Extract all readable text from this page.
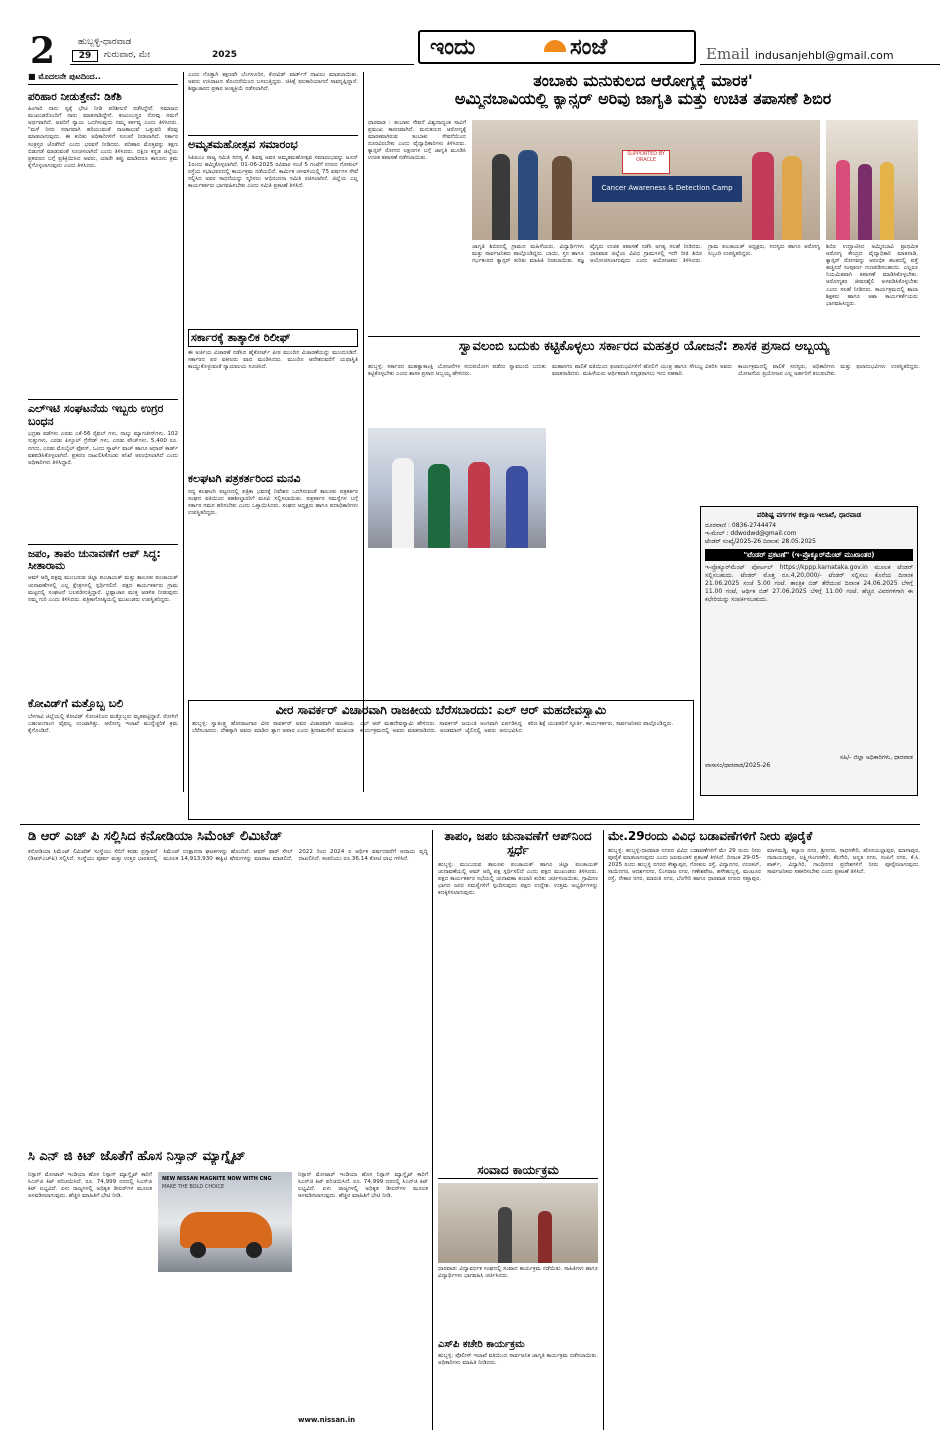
2	ಹುಬ್ಬಳ್ಳಿ-ಧಾರವಾಡ
29	ಗುರುವಾರ, ಮೇ	2025	ಇಂದು	ಸಂಜೆ	Email indusanjehbl@gmail.com
■ ಮೊದಲನೇ ಪುಟದಿಂದ..
ಪರಿಹಾರ ನೀಡುತ್ತೇವೆ: ಡಿಕೆಶಿ
ಹಿಂಗಾರಿ ನಾನು ಸ್ವಕ್ಕೆ ಭೇಟಿ ನೀಡಿ ಪರಿಶೀಲನೆ ನಡೆಸಿದ್ದೇನೆ. ಸಮಾಜದ ಮುಖಂಡರೊಂದಿಗೆ ನಾನು ಮಾತನಾಡಿದ್ದೇನೆ. ಕುಟುಂಬಸ್ಥರ ನೋವು ನಮಗೆ ಅರ್ಥವಾಗಿದೆ. ಅವರಿಗೆ ನ್ಯಾಯ ಒದಗಿಸುವುದು ನಮ್ಮ ಕರ್ತವ್ಯ ಎಂದು ತಿಳಿಸಿದರು. "ಮಳೆ ನೀರು ಸರಾಗವಾಗಿ ಹರಿಯುವಂತೆ ರಾಜಕಾಲುವೆ ಒತ್ತುವರಿ ತೆರವು ಮಾಡಲಾಗುವುದು. ಈ ಕುರಿತು ಅಧಿಕಾರಿಗಳಿಗೆ ಸೂಚನೆ ನೀಡಲಾಗಿದೆ. ಸರ್ಕಾರ ಸಂತ್ರಸ್ತರ ಜೊತೆಗಿದೆ ಎಂದು ಭರವಸೆ ನೀಡಿದರು. ಪರಿಹಾರ ಮೊತ್ತವನ್ನು ತಕ್ಷಣ ಬಿಡುಗಡೆ ಮಾಡುವಂತೆ ಸೂಚಿಸಲಾಗಿದೆ ಎಂದು ತಿಳಿಸಿದರು. ದಕ್ಷಿಣ ಕನ್ನಡ ಜಿಲ್ಲೆಯ ಪ್ರಕರಣದ ಬಗ್ಗೆ ಪ್ರತಿಕ್ರಿಯಿಸಿದ ಅವರು, ಯಾರೇ ತಪ್ಪು ಮಾಡಿದರೂ ಕಾನೂನು ಕ್ರಮ ಕೈಗೊಳ್ಳಲಾಗುವುದು ಎಂದು ತಿಳಿಸಿದರು.
ಎಲ್‌ಇಟಿ ಸಂಘಟನೆಯ ಇಬ್ಬರು ಉಗ್ರರ ಬಂಧನ
ಭದ್ರತಾ ಪಡೆಗಳು ಎರಡು ಎಕೆ-56 ರೈಫಲ್ ಗಳು, ನಾಲ್ಕು ಮ್ಯಾಗಜೀನ್‌ಗಳು, 102 ಸುತ್ತುಗಳು, ಎರಡು ಪಿಸ್ತೂಲ್ ಗ್ರೆನೇಡ್ ಗಳು, ಎರಡು ಪೌಚ್‌ಗಳು, 5,400 ರೂ. ನಗದು, ಎರಡು ಮೊಬೈಲ್ ಫೋನ್, ಒಂದು ಸ್ಮಾರ್ಟ್ ವಾಚ್ ಹಾಗೂ ಆಧಾರ್ ಕಾರ್ಡ್ ವಶಪಡಿಸಿಕೊಳ್ಳಲಾಗಿದೆ. ಪ್ರಕರಣ ದಾಖಲಿಸಿಕೊಂಡು ತನಿಖೆ ಆರಂಭಿಸಲಾಗಿದೆ ಎಂದು ಅಧಿಕಾರಿಗಳು ತಿಳಿಸಿದ್ದಾರೆ.
ಜಪಂ, ತಾಪಂ ಚುನಾವಣೆಗೆ ಆಪ್ ಸಿದ್ಧ: ಸೀತಾರಾಮ
ಆಮ್ ಆದ್ಮಿ ಪಕ್ಷವು ಮುಂಬರುವ ಜಿಲ್ಲಾ ಪಂಚಾಯತ್ ಮತ್ತು ತಾಲೂಕು ಪಂಚಾಯತ್ ಚುನಾವಣೆಗಳಲ್ಲಿ ಎಲ್ಲ ಕ್ಷೇತ್ರಗಳಲ್ಲಿ ಸ್ಪರ್ಧಿಸಲಿದೆ. ಪಕ್ಷದ ಕಾರ್ಯಕರ್ತರು ಗ್ರಾಮ ಮಟ್ಟದಲ್ಲಿ ಸಂಘಟನೆ ಬಲಪಡಿಸುತ್ತಿದ್ದಾರೆ. ಭ್ರಷ್ಟಾಚಾರ ಮುಕ್ತ ಆಡಳಿತ ನೀಡುವುದು ನಮ್ಮ ಗುರಿ ಎಂದು ತಿಳಿಸಿದರು. ಪತ್ರಿಕಾಗೋಷ್ಠಿಯಲ್ಲಿ ಮುಖಂಡರು ಉಪಸ್ಥಿತರಿದ್ದರು.
ಕೋವಿಡ್‌ಗೆ ಮತ್ತೊಬ್ಬ ಬಲಿ
ಬೆಳಗಾವಿ ಜಿಲ್ಲೆಯಲ್ಲಿ ಕೋವಿಡ್ ಸೋಂಕಿನಿಂದ ಮತ್ತೊಬ್ಬರು ಮೃತಪಟ್ಟಿದ್ದಾರೆ. ರೋಗಿಗೆ ಬಹುಅಂಗಾಂಗ ವೈಫಲ್ಯ ಉಂಟಾಗಿತ್ತು. ಆರೋಗ್ಯ ಇಲಾಖೆ ಮುನ್ನೆಚ್ಚರಿಕೆ ಕ್ರಮ ಕೈಗೊಂಡಿದೆ.
ಎಂದು ಗೊತ್ತಾಗಿ ತಕ್ಷಣವೇ ಬೆಂಗಳೂರಿನ, ಕೋವಿಡ್ ವಾರ್ಡ್‌ಗೆ ದಾಖಲು ಮಾಡಲಾಯಿತು. ಅವರು ಉಸಿರಾಟದ ತೊಂದರೆಯಿಂದ ಬಳಲುತ್ತಿದ್ದರು. ಚಿಕಿತ್ಸೆ ಫಲಕಾರಿಯಾಗದೆ ಸಾವನ್ನಪ್ಪಿದ್ದಾರೆ. ಶಿಷ್ಟಾಚಾರದ ಪ್ರಕಾರ ಅಂತ್ಯಕ್ರಿಯೆ ನಡೆಸಲಾಗಿದೆ.
ಅಮೃತಮಹೋತ್ಸವ ಸಮಾರಂಭ
ಸಿಪಿಐಎಂ ರಾಜ್ಯ ಸಮಿತಿ ಸದಸ್ಯ ಕೆ. ಶಿವಪ್ಪ ಅವರ ಅಮೃತಮಹೋತ್ಸವ ಸಮಾರಂಭವನ್ನು ಜೂನ್ 1ರಂದು ಹಮ್ಮಿಕೊಳ್ಳಲಾಗಿದೆ. 01-06-2025 ರವಿವಾರ ಸಂಜೆ 5 ಗಂಟೆಗೆ ನಗರದ ಗೋಕುಲ್ ರಸ್ತೆಯ ಸಭಾಭವನದಲ್ಲಿ ಕಾರ್ಯಕ್ರಮ ನಡೆಯಲಿದೆ. ಕಾರ್ಮಿಕ ಚಳವಳಿಯಲ್ಲಿ 75 ವರ್ಷಗಳ ಸೇವೆ ಸಲ್ಲಿಸಿದ ಅವರ ಸಾಧನೆಯನ್ನು ಸ್ಮರಿಸಲು ಅಭಿನಂದನಾ ಸಮಿತಿ ರಚಿಸಲಾಗಿದೆ. ಜಿಲ್ಲೆಯ ಎಲ್ಲ ಕಾರ್ಯಕರ್ತರು ಭಾಗವಹಿಸಬೇಕು ಎಂದು ಸಮಿತಿ ಪ್ರಕಟಣೆ ತಿಳಿಸಿದೆ.
ಸರ್ಕಾರಕ್ಕೆ ತಾತ್ಕಾಲಿಕ ರಿಲೀಫ್
ಈ ಅರ್ಜಿಯ ವಿಚಾರಣೆ ನಡೆಸಿದ ಹೈಕೋರ್ಟ್ ಪೀಠ ಮುಂದಿನ ವಿಚಾರಣೆಯನ್ನು ಮುಂದೂಡಿದೆ. ಸರ್ಕಾರದ ಪರ ವಕೀಲರು ವಾದ ಮಂಡಿಸಿದರು. ಮುಂದಿನ ಆದೇಶದವರೆಗೆ ಯಥಾಸ್ಥಿತಿ ಕಾಯ್ದುಕೊಳ್ಳುವಂತೆ ನ್ಯಾಯಾಲಯ ಸೂಚಿಸಿದೆ.
ಕಲಘಟಗಿ ಪತ್ರಕರ್ತರಿಂದ ಮನವಿ
ಸದ್ಯ ಕಲಘಟಗಿ ಪಟ್ಟಣದಲ್ಲಿ ಪತ್ರಿಕಾ ಭವನಕ್ಕೆ ನಿವೇಶನ ಒದಗಿಸುವಂತೆ ತಾಲೂಕು ಪತ್ರಕರ್ತರ ಸಂಘದ ವತಿಯಿಂದ ತಹಶೀಲ್ದಾರರಿಗೆ ಮನವಿ ಸಲ್ಲಿಸಲಾಯಿತು. ಪತ್ರಕರ್ತರ ಸಮಸ್ಯೆಗಳ ಬಗ್ಗೆ ಸರ್ಕಾರ ಗಮನ ಹರಿಸಬೇಕು ಎಂದು ಒತ್ತಾಯಿಸಿದರು. ಸಂಘದ ಅಧ್ಯಕ್ಷರು ಹಾಗೂ ಪದಾಧಿಕಾರಿಗಳು ಉಪಸ್ಥಿತರಿದ್ದರು.
ತಂಬಾಕು ಮನುಕುಲದ ಆರೋಗ್ಯಕ್ಕೆ ಮಾರಕ'
ಅಮ್ಮಿನಬಾವಿಯಲ್ಲಿ ಕ್ಯಾನ್ಸರ್ ಅರಿವು ಜಾಗೃತಿ ಮತ್ತು ಉಚಿತ ತಪಾಸಣೆ ಶಿಬಿರ
ಧಾರವಾಡ : ತಂಬಾಕು ಸೇವನೆ ವಿಶ್ವದಾದ್ಯಂತ ಸಾವಿಗೆ ಪ್ರಮುಖ ಕಾರಣವಾಗಿದೆ. ಮನುಕುಲದ ಆರೋಗ್ಯಕ್ಕೆ ಮಾರಕವಾಗಿರುವ ತಂಬಾಕು ಸೇವನೆಯಿಂದ ದೂರವಿರಬೇಕು ಎಂದು ವೈದ್ಯಾಧಿಕಾರಿಗಳು ತಿಳಿಸಿದರು. ಕ್ಯಾನ್ಸರ್ ರೋಗದ ಲಕ್ಷಣಗಳ ಬಗ್ಗೆ ಜಾಗೃತಿ ಮೂಡಿಸಿ ಉಚಿತ ತಪಾಸಣೆ ನಡೆಸಲಾಯಿತು.
SUPPORTED BY ORACLE
Cancer Awareness & Detection Camp
ಜಾಗೃತಿ ಶಿಬಿರದಲ್ಲಿ ಗ್ರಾಮದ ಮಹಿಳೆಯರು, ವಿದ್ಯಾರ್ಥಿಗಳು ಮತ್ತು ಸಾರ್ವಜನಿಕರು ಪಾಲ್ಗೊಂಡಿದ್ದರು. ಬಾಯಿ, ಸ್ತನ ಹಾಗೂ ಗರ್ಭಕಂಠದ ಕ್ಯಾನ್ಸರ್ ಕುರಿತು ಮಾಹಿತಿ ನೀಡಲಾಯಿತು. ತಜ್ಞ ವೈದ್ಯರು ಉಚಿತ ತಪಾಸಣೆ ನಡೆಸಿ ಅಗತ್ಯ ಸಲಹೆ ನೀಡಿದರು. ಧಾರವಾಡ ಜಿಲ್ಲೆಯ ವಿವಿಧ ಗ್ರಾಮಗಳಲ್ಲಿ ಇದೇ ರೀತಿ ಶಿಬಿರ ಆಯೋಜಿಸಲಾಗುವುದು ಎಂದು ಆಯೋಜಕರು ತಿಳಿಸಿದರು. ಗ್ರಾಮ ಪಂಚಾಯತ್ ಅಧ್ಯಕ್ಷರು, ಸದಸ್ಯರು ಹಾಗೂ ಆರೋಗ್ಯ ಸಿಬ್ಬಂದಿ ಉಪಸ್ಥಿತರಿದ್ದರು.
ಶಿಬಿರ ಉದ್ಘಾಟಿಸಿದ ಅಮ್ಮಿನಬಾವಿ ಪ್ರಾಥಮಿಕ ಆರೋಗ್ಯ ಕೇಂದ್ರದ ವೈದ್ಯಾಧಿಕಾರಿ ಮಾತನಾಡಿ, ಕ್ಯಾನ್ಸರ್ ರೋಗವನ್ನು ಆರಂಭಿಕ ಹಂತದಲ್ಲಿ ಪತ್ತೆ ಹಚ್ಚಿದರೆ ಸಂಪೂರ್ಣ ಗುಣಪಡಿಸಬಹುದು. ಎಲ್ಲರೂ ನಿಯಮಿತವಾಗಿ ತಪಾಸಣೆ ಮಾಡಿಸಿಕೊಳ್ಳಬೇಕು. ಆರೋಗ್ಯಕರ ಜೀವನಶೈಲಿ ಅಳವಡಿಸಿಕೊಳ್ಳಬೇಕು ಎಂದು ಸಲಹೆ ನೀಡಿದರು. ಕಾರ್ಯಕ್ರಮದಲ್ಲಿ ಶಾಲಾ ಶಿಕ್ಷಕರು ಹಾಗೂ ಆಶಾ ಕಾರ್ಯಕರ್ತೆಯರು ಭಾಗವಹಿಸಿದ್ದರು.
ಸ್ವಾವಲಂಬಿ ಬದುಕು ಕಟ್ಟಿಕೊಳ್ಳಲು ಸರ್ಕಾರದ ಮಹತ್ತರ ಯೋಜನೆ: ಶಾಸಕ ಪ್ರಸಾದ ಅಬ್ಬಯ್ಯ
ಹುಬ್ಬಳ್ಳಿ: ಸರ್ಕಾರದ ಮಹತ್ವಾಕಾಂಕ್ಷಿ ಯೋಜನೆಗಳ ಸದುಪಯೋಗ ಪಡೆದು ಸ್ವಾವಲಂಬಿ ಬದುಕು ಕಟ್ಟಿಕೊಳ್ಳಬೇಕು ಎಂದು ಶಾಸಕ ಪ್ರಸಾದ ಅಬ್ಬಯ್ಯ ಹೇಳಿದರು.
ಮಹಾನಗರ ಪಾಲಿಕೆ ವತಿಯಿಂದ ಫಲಾನುಭವಿಗಳಿಗೆ ಹೊಲಿಗೆ ಯಂತ್ರ ಹಾಗೂ ಸೌಲಭ್ಯ ವಿತರಿಸಿ ಅವರು ಮಾತನಾಡಿದರು. ಮಹಿಳೆಯರು ಆರ್ಥಿಕವಾಗಿ ಸದೃಢರಾಗಲು ಇದು ಸಹಕಾರಿ.
ಕಾರ್ಯಕ್ರಮದಲ್ಲಿ ಪಾಲಿಕೆ ಸದಸ್ಯರು, ಅಧಿಕಾರಿಗಳು ಮತ್ತು ಫಲಾನುಭವಿಗಳು ಉಪಸ್ಥಿತರಿದ್ದರು. ಯೋಜನೆಯ ಪ್ರಯೋಜನ ಎಲ್ಲ ಅರ್ಹರಿಗೆ ತಲುಪಬೇಕು.
ಪರಿಶಿಷ್ಟ ವರ್ಗಗಳ ಕಲ್ಯಾಣ ಇಲಾಖೆ, ಧಾರವಾಡ
ದೂರವಾಣಿ : 0836-2744474
ಇ-ಮೇಲ್ : ddwodwd@gmail.com
ಟೆಂಡರ್ ಸಂಖ್ಯೆ/2025-26 ದಿನಾಂಕ: 28.05.2025
"ಟೆಂಡರ್ ಪ್ರಕಟಣೆ" (ಇ-ಪ್ರೊಕ್ಯೂರ್‌ಮೆಂಟ್ ಮುಖಾಂತರ)
ಇ-ಪ್ರೊಕ್ಯೂರ್‌ಮೆಂಟ್ ಪೋರ್ಟಲ್ https://kppp.karnataka.gov.in ಮೂಲಕ ಟೆಂಡರ್ ಸಲ್ಲಿಸಬಹುದು. ಟೆಂಡರ್ ಮೊತ್ತ ರೂ.4,20,000/- ಟೆಂಡರ್ ಸಲ್ಲಿಸಲು ಕೊನೆಯ ದಿನಾಂಕ 21.06.2025 ಸಂಜೆ 5.00 ಗಂಟೆ. ತಾಂತ್ರಿಕ ಬಿಡ್ ತೆರೆಯುವ ದಿನಾಂಕ 24.06.2025 ಬೆಳಿಗ್ಗೆ 11.00 ಗಂಟೆ, ಆರ್ಥಿಕ ಬಿಡ್ 27.06.2025 ಬೆಳಿಗ್ಗೆ 11.00 ಗಂಟೆ. ಹೆಚ್ಚಿನ ವಿವರಗಳಿಗಾಗಿ ಈ ಕಛೇರಿಯನ್ನು ಸಂಪರ್ಕಿಸಬಹುದು.
ಸಹಿ/- ಜಿಲ್ಲಾ ಅಧಿಕಾರಿಗಳು, ಧಾರವಾಡ
ವಾಸಾಸಂ/ಧಾರವಾಡ/2025-26
ವೀರ ಸಾವರ್ಕರ್ ವಿಚಾರವಾಗಿ ರಾಜಕೀಯ ಬೆರೆಸಬಾರದು: ಎಲ್ ಆರ್ ಮಹದೇವಸ್ವಾಮಿ
ಹುಬ್ಬಳ್ಳಿ: ಸ್ವಾತಂತ್ರ್ಯ ಹೋರಾಟಗಾರ ವೀರ ಸಾವರ್ಕರ್ ಅವರ ವಿಚಾರವಾಗಿ ರಾಜಕೀಯ ಬೆರೆಸಬಾರದು. ದೇಶಕ್ಕಾಗಿ ಅವರು ಮಾಡಿದ ತ್ಯಾಗ ಅಪಾರ ಎಂದು ಶ್ರೀರಾಮಸೇನೆ ಮುಖಂಡ ಎಲ್ ಆರ್ ಮಹದೇವಸ್ವಾಮಿ ಹೇಳಿದರು. ಸಾವರ್ಕರ್ ಜಯಂತಿ ಅಂಗವಾಗಿ ಏರ್ಪಡಿಸಿದ್ದ ಕಾರ್ಯಕ್ರಮದಲ್ಲಿ ಅವರು ಮಾತನಾಡಿದರು. ಅಂಡಮಾನ್ ಜೈಲಿನಲ್ಲಿ ಅವರು ಅನುಭವಿಸಿದ ಕಠಿಣ ಶಿಕ್ಷೆ ಯುವಕರಿಗೆ ಸ್ಫೂರ್ತಿ. ಕಾರ್ಯಕರ್ತರು, ಸಾರ್ವಜನಿಕರು ಪಾಲ್ಗೊಂಡಿದ್ದರು.
ಡಿ ಆರ್ ಎಚ್ ಪಿ ಸಲ್ಲಿಸಿದ ಕನೋಡಿಯಾ ಸಿಮೆಂಟ್ ಲಿಮಿಟೆಡ್
ಕನೋಡಿಯಾ ಸಿಮೆಂಟ್ ಲಿಮಿಟೆಡ್ ಸಂಸ್ಥೆಯು ಸೆಬಿಗೆ ಕರಡು ಪ್ರಸ್ತಾವನೆ (ಡಿಆರ್‌ಎಚ್‌ಪಿ) ಸಲ್ಲಿಸಿದೆ. ಸಂಸ್ಥೆಯು ಪೂರ್ವ ಮತ್ತು ಉತ್ತರ ಭಾರತದಲ್ಲಿ ಸಿಮೆಂಟ್ ಉತ್ಪಾದನಾ ಘಟಕಗಳನ್ನು ಹೊಂದಿದೆ. ಆಫರ್ ಫಾರ್ ಸೇಲ್ ಮೂಲಕ 14,913,930 ಈಕ್ವಿಟಿ ಷೇರುಗಳನ್ನು ಮಾರಾಟ ಮಾಡಲಿದೆ. 2022 ರಿಂದ 2024 ರ ಆರ್ಥಿಕ ವರ್ಷದವರೆಗೆ ಆದಾಯ ವೃದ್ಧಿ ದಾಖಲಿಸಿದೆ. ಕಂಪನಿಯು ರೂ.36.14 ಕೋಟಿ ಲಾಭ ಗಳಿಸಿದೆ.
ಸಿ ಎನ್ ಜಿ ಕಿಟ್ ಜೊತೆಗೆ ಹೊಸ ನಿಸ್ಸಾನ್ ಮ್ಯಾಗ್ನೈಟ್
ನಿಸ್ಸಾನ್ ಮೋಟಾರ್ ಇಂಡಿಯಾ ಹೊಸ ನಿಸ್ಸಾನ್ ಮ್ಯಾಗ್ನೈಟ್ ಕಾರಿಗೆ ಸಿಎನ್‌ಜಿ ಕಿಟ್ ಪರಿಚಯಿಸಿದೆ. ರೂ. 74,999 ದರದಲ್ಲಿ ಸಿಎನ್‌ಜಿ ಕಿಟ್ ಲಭ್ಯವಿದೆ. ಏಳು ರಾಜ್ಯಗಳಲ್ಲಿ ಅಧಿಕೃತ ಡೀಲರ್‌ಗಳ ಮೂಲಕ ಅಳವಡಿಸಲಾಗುವುದು. ಹೆಚ್ಚಿನ ಮಾಹಿತಿಗೆ ಭೇಟಿ ನೀಡಿ.
NEW NISSAN MAGNITE NOW WITH CNG
MAKE THE BOLD CHOICE
ನಿಸ್ಸಾನ್ ಮೋಟಾರ್ ಇಂಡಿಯಾ ಹೊಸ ನಿಸ್ಸಾನ್ ಮ್ಯಾಗ್ನೈಟ್ ಕಾರಿಗೆ ಸಿಎನ್‌ಜಿ ಕಿಟ್ ಪರಿಚಯಿಸಿದೆ. ರೂ. 74,999 ದರದಲ್ಲಿ ಸಿಎನ್‌ಜಿ ಕಿಟ್ ಲಭ್ಯವಿದೆ. ಏಳು ರಾಜ್ಯಗಳಲ್ಲಿ ಅಧಿಕೃತ ಡೀಲರ್‌ಗಳ ಮೂಲಕ ಅಳವಡಿಸಲಾಗುವುದು. ಹೆಚ್ಚಿನ ಮಾಹಿತಿಗೆ ಭೇಟಿ ನೀಡಿ.
www.nissan.in
ತಾಪಂ, ಜಪಂ ಚುನಾವಣೆಗೆ ಆಪ್‌ನಿಂದ ಸ್ಪರ್ಧೆ
ಹುಬ್ಬಳ್ಳಿ: ಮುಂಬರುವ ತಾಲೂಕು ಪಂಚಾಯತ್ ಹಾಗೂ ಜಿಲ್ಲಾ ಪಂಚಾಯತ್ ಚುನಾವಣೆಯಲ್ಲಿ ಆಮ್ ಆದ್ಮಿ ಪಕ್ಷ ಸ್ಪರ್ಧಿಸಲಿದೆ ಎಂದು ಪಕ್ಷದ ಮುಖಂಡರು ತಿಳಿಸಿದರು. ಪಕ್ಷದ ಕಾರ್ಯಕರ್ತರ ಸಭೆಯಲ್ಲಿ ಚುನಾವಣಾ ತಯಾರಿ ಕುರಿತು ಚರ್ಚಿಸಲಾಯಿತು. ಗ್ರಾಮೀಣ ಭಾಗದ ಜನರ ಸಮಸ್ಯೆಗಳಿಗೆ ಸ್ಪಂದಿಸುವುದು ಪಕ್ಷದ ಉದ್ದೇಶ. ಉತ್ತಮ ಅಭ್ಯರ್ಥಿಗಳನ್ನು ಕಣಕ್ಕಿಳಿಸಲಾಗುವುದು.
ಸಂವಾದ ಕಾರ್ಯಕ್ರಮ
ಧಾರವಾಡ: ವಿದ್ಯಾವರ್ಧಕ ಸಂಘದಲ್ಲಿ ಸಂವಾದ ಕಾರ್ಯಕ್ರಮ ನಡೆಯಿತು. ಸಾಹಿತಿಗಳು ಹಾಗೂ ವಿದ್ಯಾರ್ಥಿಗಳು ಭಾಗವಹಿಸಿ ಚರ್ಚಿಸಿದರು.
ಎಸ್‌ಪಿ ಕಚೇರಿ ಕಾರ್ಯಕ್ರಮ
ಹುಬ್ಬಳ್ಳಿ: ಪೊಲೀಸ್ ಇಲಾಖೆ ವತಿಯಿಂದ ಸಾರ್ವಜನಿಕ ಜಾಗೃತಿ ಕಾರ್ಯಕ್ರಮ ನಡೆಸಲಾಯಿತು. ಅಧಿಕಾರಿಗಳು ಮಾಹಿತಿ ನೀಡಿದರು.
ಮೇ.29ರಂದು ವಿವಿಧ ಬಡಾವಣೆಗಳಿಗೆ ನೀರು ಪೂರೈಕೆ
ಹುಬ್ಬಳ್ಳಿ: ಹುಬ್ಬಳ್ಳಿ-ಧಾರವಾಡ ನಗರದ ವಿವಿಧ ಬಡಾವಣೆಗಳಿಗೆ ಮೇ 29 ರಂದು ನೀರು ಪೂರೈಕೆ ಮಾಡಲಾಗುವುದು ಎಂದು ಜಲಮಂಡಳಿ ಪ್ರಕಟಣೆ ತಿಳಿಸಿದೆ. ದಿನಾಂಕ 29-05-2025 ರಂದು ಹುಬ್ಬಳ್ಳಿ ನಗರದ ಕೇಶ್ವಾಪುರ, ಗೋಕುಲ ರಸ್ತೆ, ವಿದ್ಯಾನಗರ, ಉಣಕಲ್, ಸಾಯಿನಗರ, ಆದರ್ಶನಗರ, ಲಿಂಗರಾಜ ನಗರ, ಗಣೇಶಪೇಟ, ಹಳೇಹುಬ್ಬಳ್ಳಿ, ಮಂಟೂರ ರಸ್ತೆ, ನೇಕಾರ ನಗರ, ಮಾರುತಿ ನಗರ, ಬೆಂಗೇರಿ ಹಾಗೂ ಧಾರವಾಡ ನಗರದ ಸಪ್ತಾಪುರ, ಮಾಳಮಡ್ಡಿ, ಕಲ್ಯಾಣ ನಗರ, ಶ್ರೀನಗರ, ಸಾಧನಕೇರಿ, ಹೊಸಯಲ್ಲಾಪುರ, ಮಾಳಾಪುರ, ನಾರಾಯಣಪುರ, ಲಕ್ಷ್ಮೀಸಿಂಗನಕೇರಿ, ಕೆಲಗೇರಿ, ಜನ್ನತ ನಗರ, ಸಂಪಿಗೆ ನಗರ, ಕೆ.ಸಿ. ಪಾರ್ಕ್, ವಿದ್ಯಾಗಿರಿ, ಗಾಂಧಿನಗರ ಪ್ರದೇಶಗಳಿಗೆ ನೀರು ಪೂರೈಸಲಾಗುವುದು. ಸಾರ್ವಜನಿಕರು ಸಹಕರಿಸಬೇಕು ಎಂದು ಪ್ರಕಟಣೆ ತಿಳಿಸಿದೆ.
